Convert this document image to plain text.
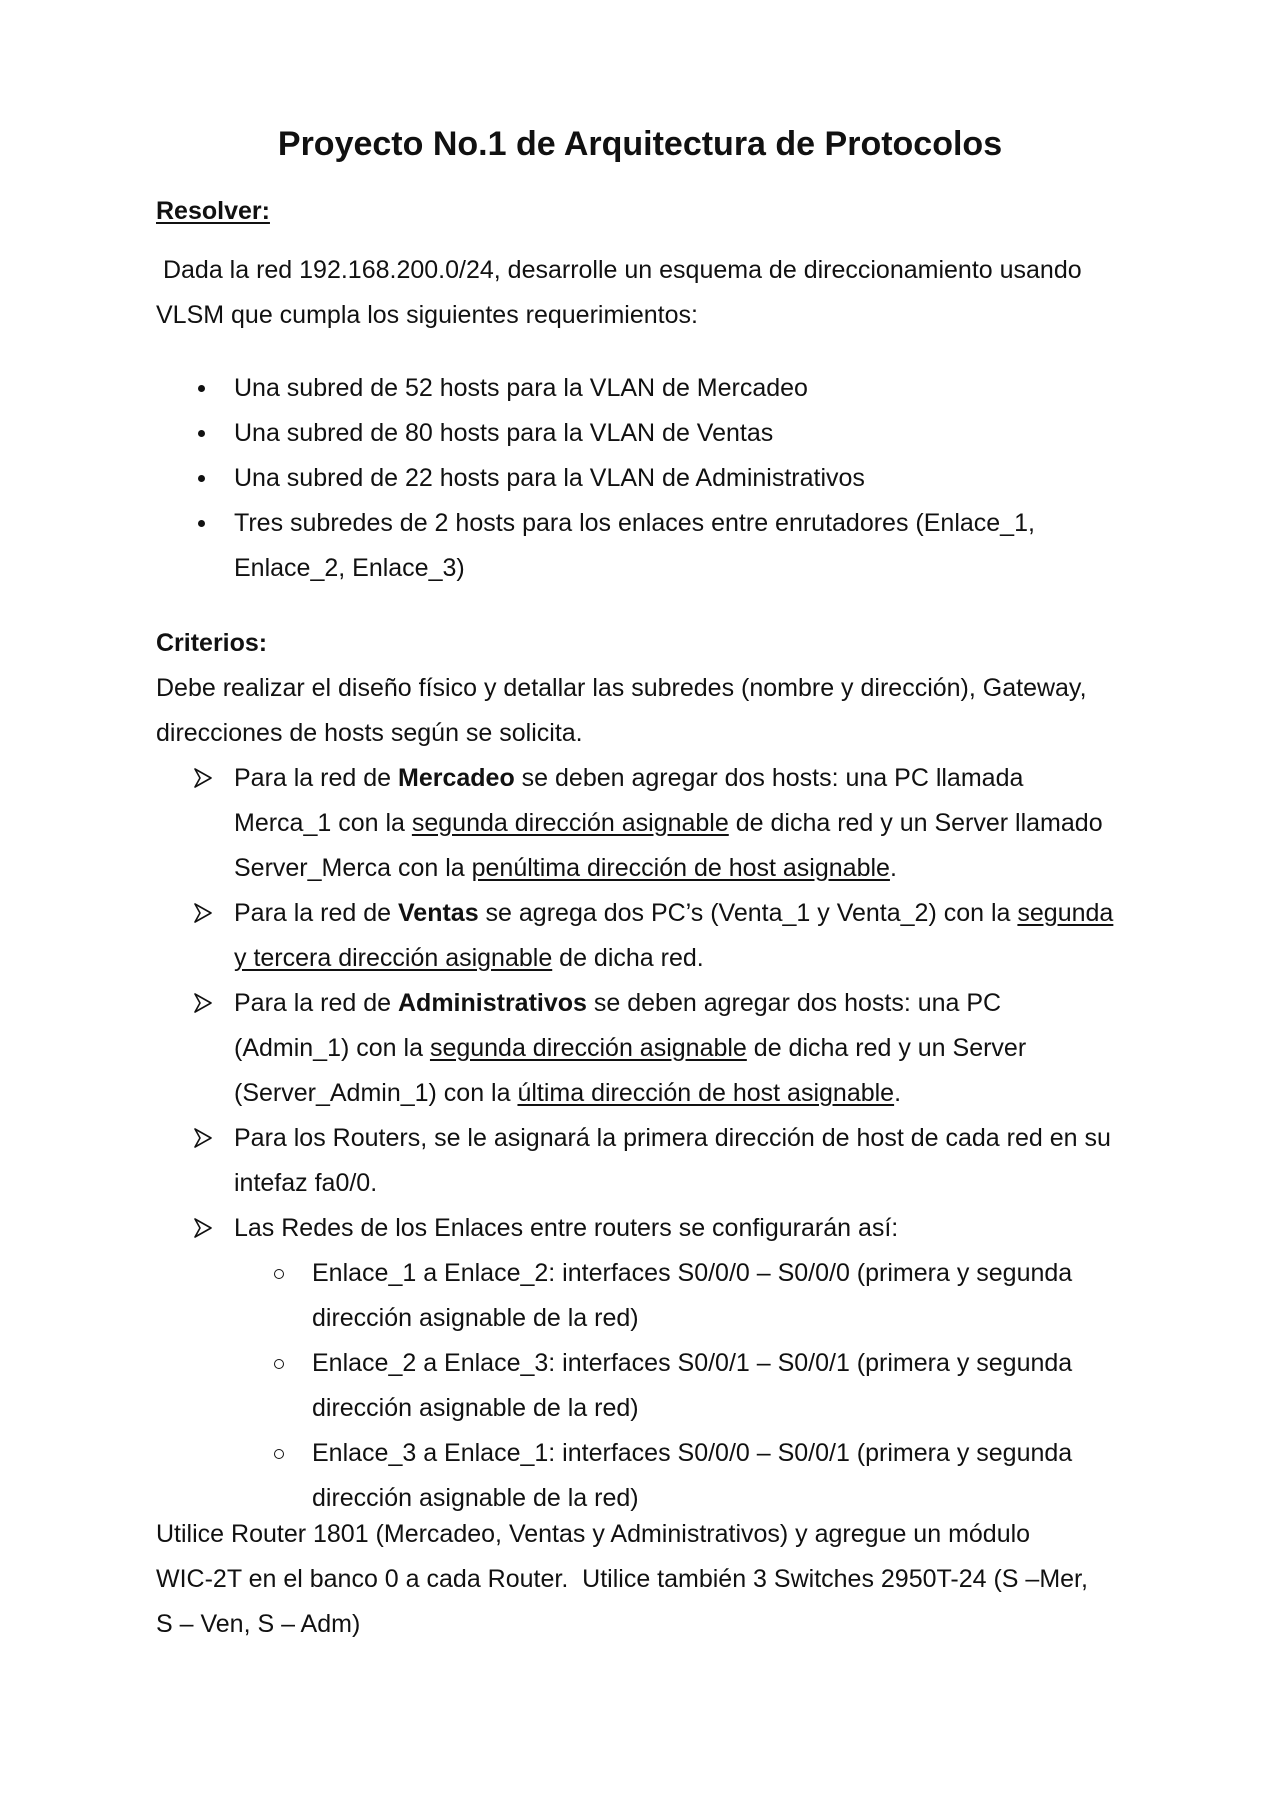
Proyecto No.1 de Arquitectura de Protocolos

Resolver:

Dada la red 192.168.200.0/24, desarrolle un esquema de direccionamiento usando
VLSM que cumpla los siguientes requerimientos:

Una subred de 52 hosts para la VLAN de Mercadeo
Una subred de 80 hosts para la VLAN de Ventas
Una subred de 22 hosts para la VLAN de Administrativos
Tres subredes de 2 hosts para los enlaces entre enrutadores (Enlace_1, Enlace_2, Enlace_3)

Criterios:

Debe realizar el diseño físico y detallar las subredes (nombre y dirección), Gateway,
direcciones de hosts según se solicita.

Para la red de Mercadeo se deben agregar dos hosts: una PC llamada Merca_1 con la segunda dirección asignable de dicha red y un Server llamado Server_Merca con la penúltima dirección de host asignable.
Para la red de Ventas se agrega dos PC’s (Venta_1 y Venta_2) con la segunda y tercera dirección asignable de dicha red.
Para la red de Administrativos se deben agregar dos hosts: una PC (Admin_1) con la segunda dirección asignable de dicha red y un Server (Server_Admin_1) con la última dirección de host asignable.
Para los Routers, se le asignará la primera dirección de host de cada red en su intefaz fa0/0.
Las Redes de los Enlaces entre routers se configurarán así:
Enlace_1 a Enlace_2: interfaces S0/0/0 – S0/0/0 (primera y segunda dirección asignable de la red)
Enlace_2 a Enlace_3: interfaces S0/0/1 – S0/0/1 (primera y segunda dirección asignable de la red)
Enlace_3 a Enlace_1: interfaces S0/0/0 – S0/0/1 (primera y segunda dirección asignable de la red)

Utilice Router 1801 (Mercadeo, Ventas y Administrativos) y agregue un módulo
WIC-2T en el banco 0 a cada Router.  Utilice también 3 Switches 2950T-24 (S –Mer,
S – Ven, S – Adm)
